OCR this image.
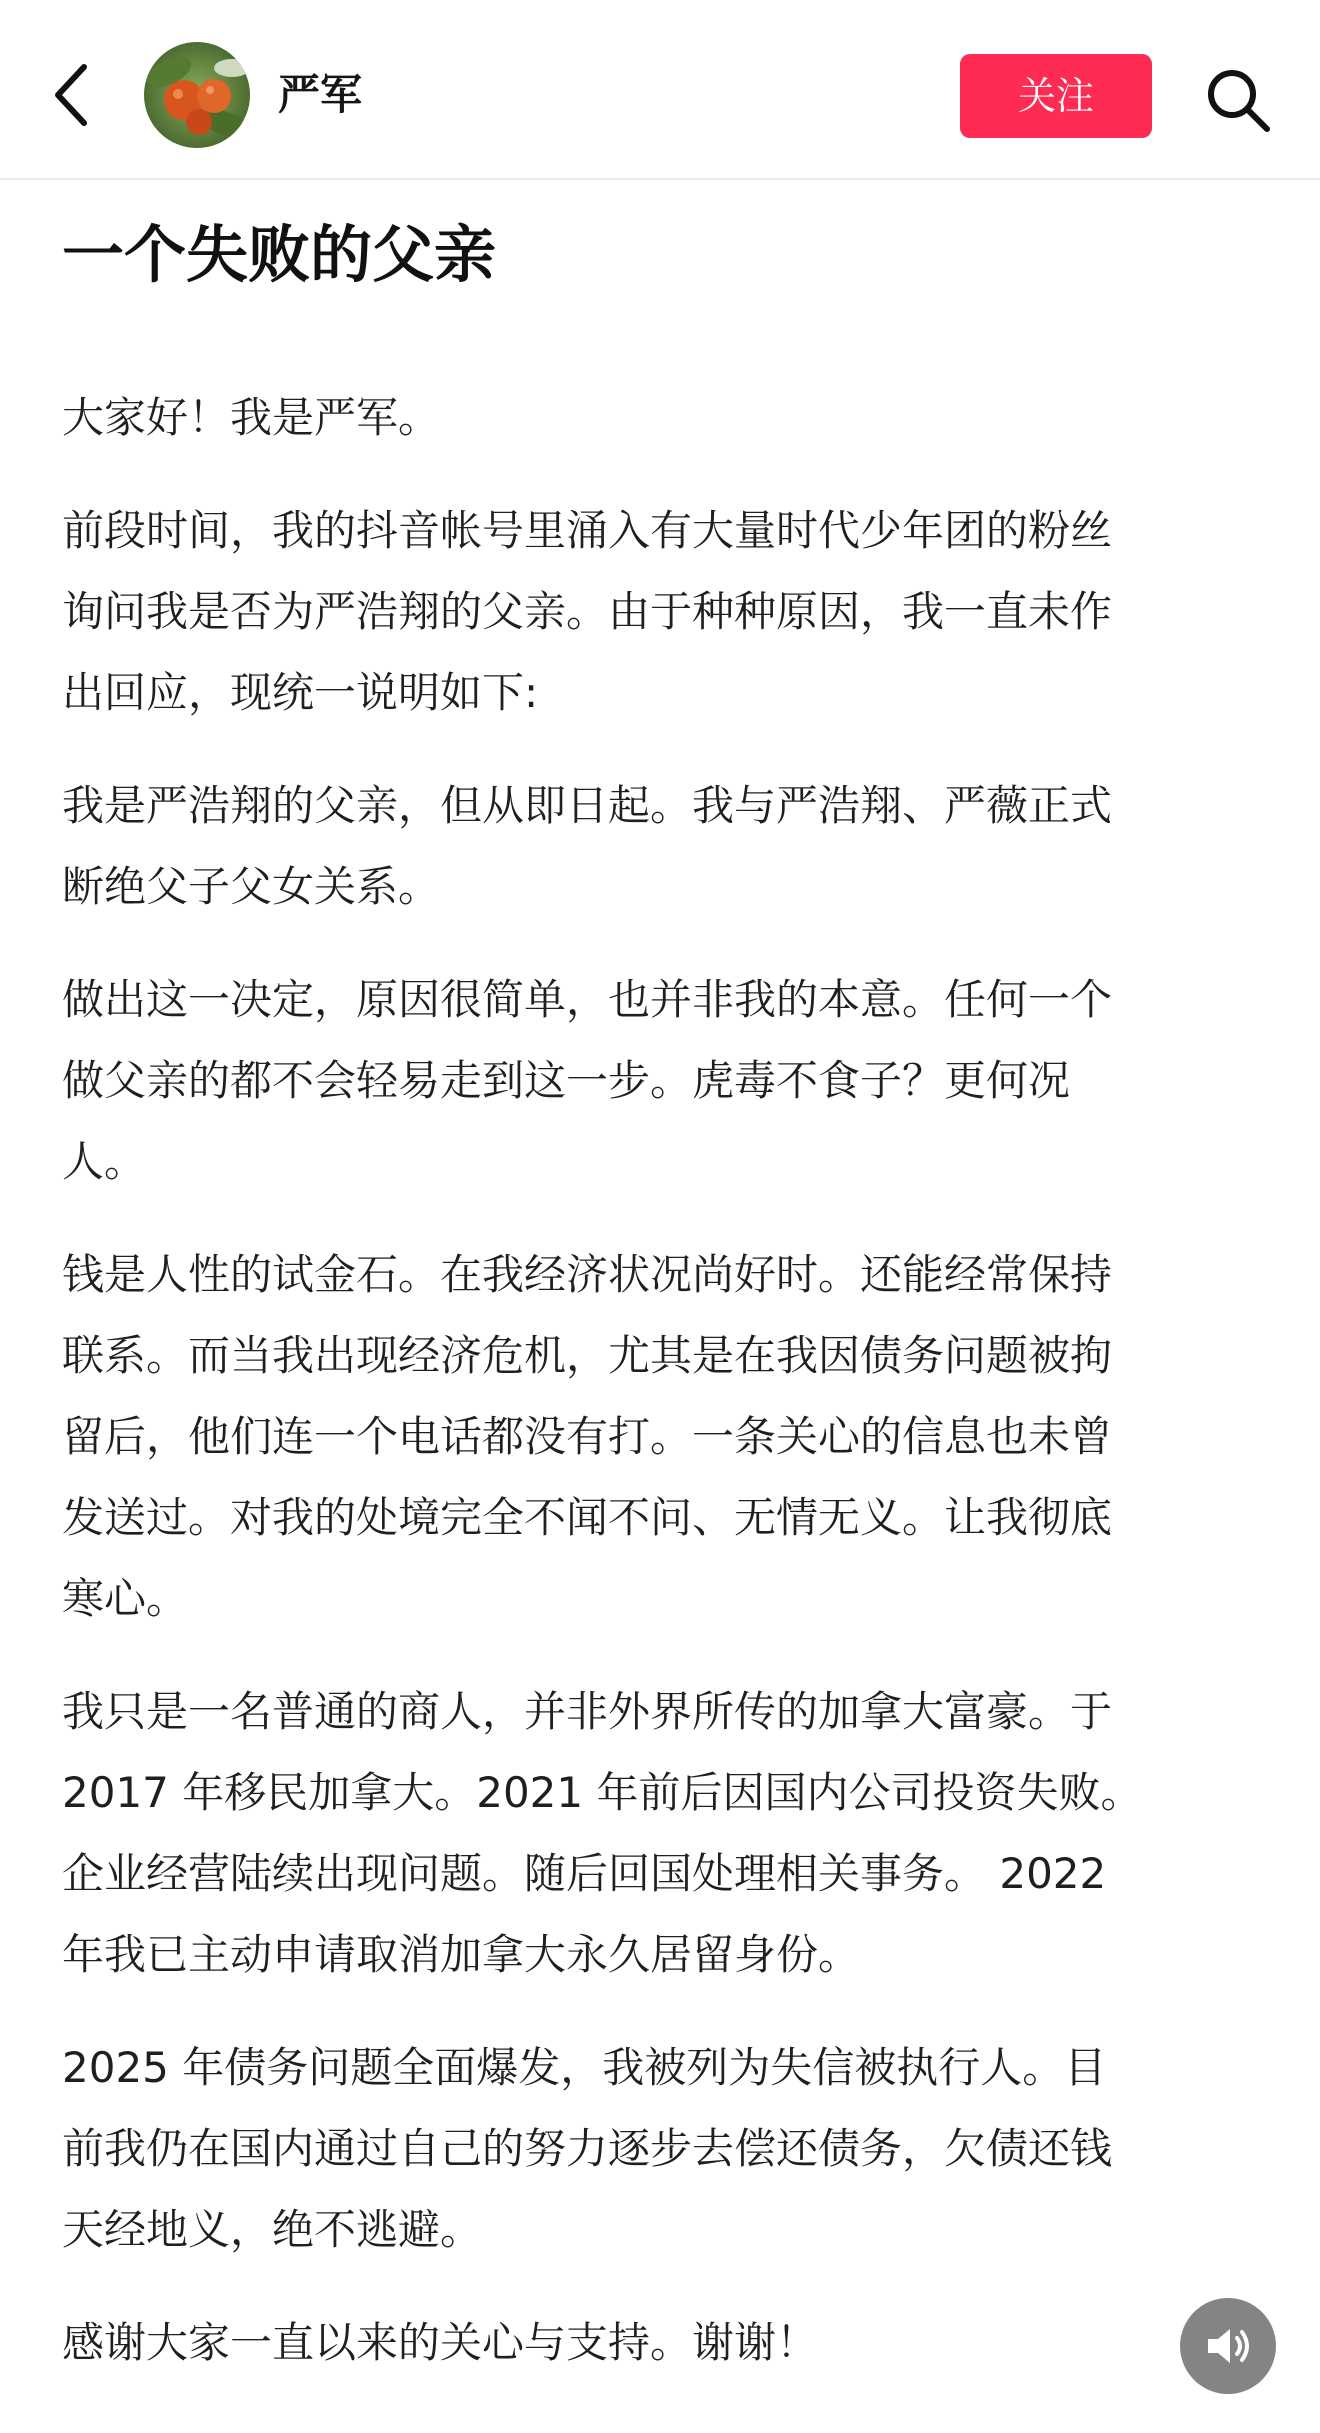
严军	关注
一个失败的父亲

大家好！我是严军。

前段时间，我的抖音帐号里涌入有大量时代少年团的粉丝
询问我是否为严浩翔的父亲。由于种种原因，我一直未作
出回应，现统一说明如下:

我是严浩翔的父亲，但从即日起。我与严浩翔、严薇正式
断绝父子父女关系。

做出这一决定，原因很简单，也并非我的本意。任何一个
做父亲的都不会轻易走到这一步。虎毒不食子？更何况
人。

钱是人性的试金石。在我经济状况尚好时。还能经常保持
联系。而当我出现经济危机，尤其是在我因债务问题被拘
留后，他们连一个电话都没有打。一条关心的信息也未曾
发送过。对我的处境完全不闻不问、无情无义。让我彻底
寒心。

我只是一名普通的商人，并非外界所传的加拿大富豪。于
2017 年移民加拿大。2021 年前后因国内公司投资失败。
企业经营陆续出现问题。随后回国处理相关事务。 2022
年我已主动申请取消加拿大永久居留身份。

2025 年债务问题全面爆发，我被列为失信被执行人。目
前我仍在国内通过自己的努力逐步去偿还债务，欠债还钱
天经地义，绝不逃避。

感谢大家一直以来的关心与支持。谢谢！
